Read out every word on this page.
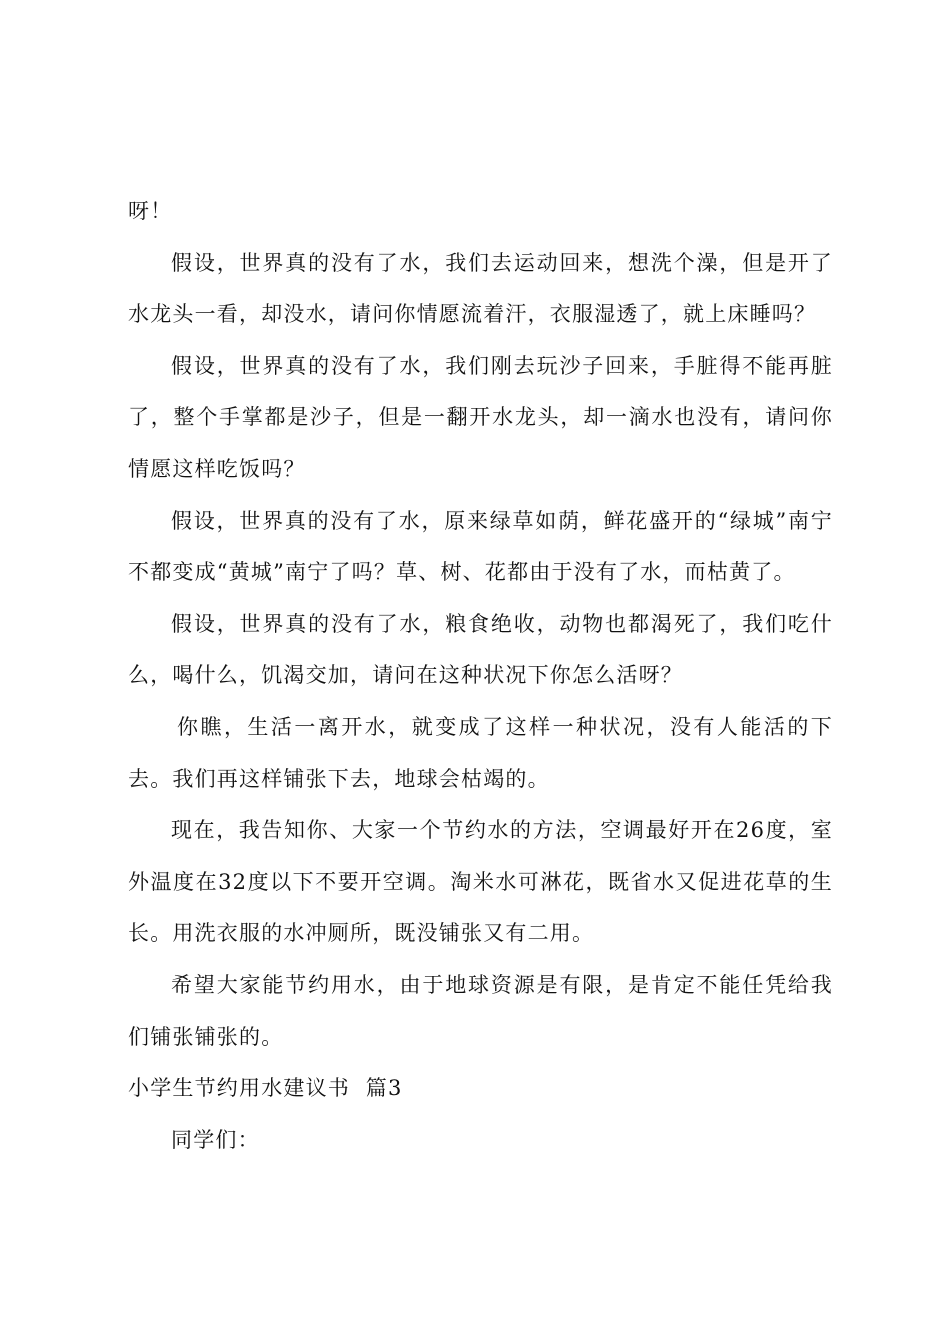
呀！

假设，世界真的没有了水，我们去运动回来，想洗个澡，但是开了水龙头一看，却没水，请问你情愿流着汗，衣服湿透了，就上床睡吗？

假设，世界真的没有了水，我们刚去玩沙子回来，手脏得不能再脏了，整个手掌都是沙子，但是一翻开水龙头，却一滴水也没有，请问你情愿这样吃饭吗？

假设，世界真的没有了水，原来绿草如荫，鲜花盛开的“绿城”南宁不都变成“黄城”南宁了吗？草、树、花都由于没有了水，而枯黄了。

假设，世界真的没有了水，粮食绝收，动物也都渴死了，我们吃什么，喝什么，饥渴交加，请问在这种状况下你怎么活呀？

你瞧，生活一离开水，就变成了这样一种状况，没有人能活的下去。我们再这样铺张下去，地球会枯竭的。

现在，我告知你、大家一个节约水的方法，空调最好开在26度，室外温度在32度以下不要开空调。淘米水可淋花，既省水又促进花草的生长。用洗衣服的水冲厕所，既没铺张又有二用。

希望大家能节约用水，由于地球资源是有限，是肯定不能任凭给我们铺张铺张的。

小学生节约用水建议书  篇3

同学们：
